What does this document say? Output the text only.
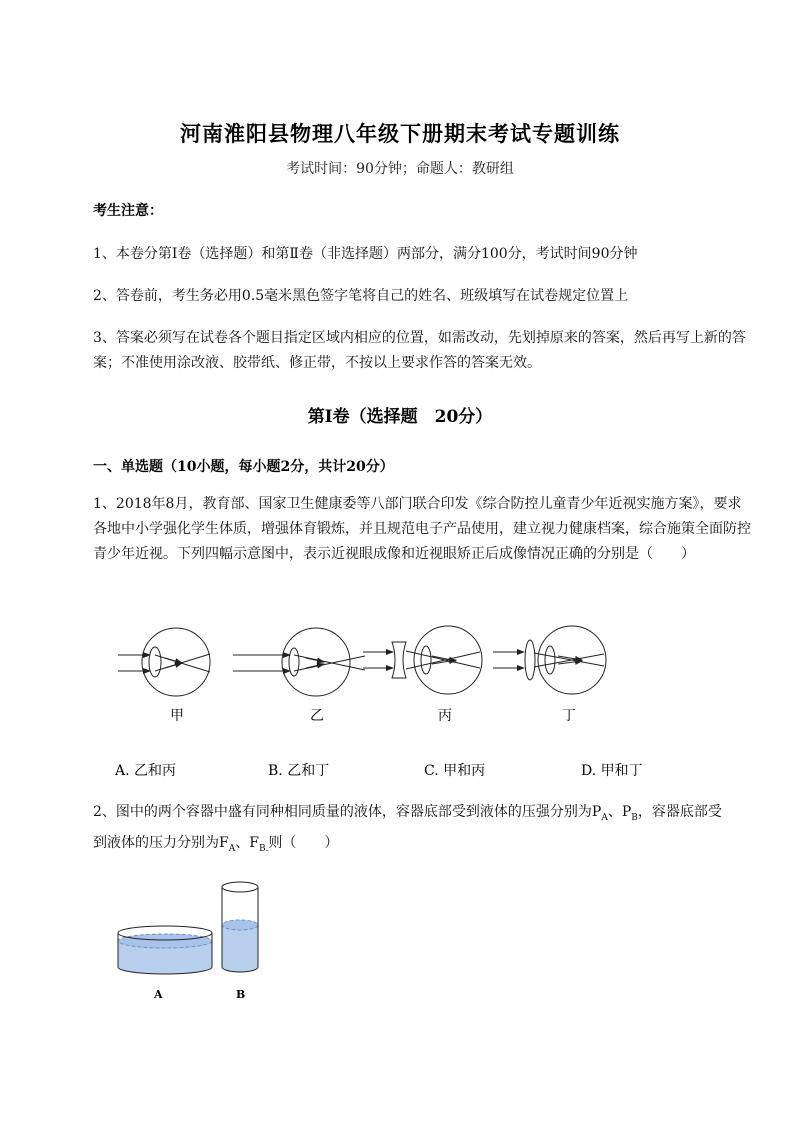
河南淮阳县物理八年级下册期末考试专题训练
考试时间：90分钟；命题人：教研组
考生注意：
1、本卷分第I卷（选择题）和第Ⅱ卷（非选择题）两部分，满分100分，考试时间90分钟
2、答卷前，考生务必用0.5毫米黑色签字笔将自己的姓名、班级填写在试卷规定位置上
3、答案必须写在试卷各个题目指定区域内相应的位置，如需改动，先划掉原来的答案，然后再写上新的答案；不准使用涂改液、胶带纸、修正带，不按以上要求作答的答案无效。
第I卷（选择题　20分）
一、单选题（10小题，每小题2分，共计20分）
1、2018年8月，教育部、国家卫生健康委等八部门联合印发《综合防控儿童青少年近视实施方案》，要求各地中小学强化学生体质，增强体育锻炼，并且规范电子产品使用，建立视力健康档案，综合施策全面防控青少年近视。下列四幅示意图中，表示近视眼成像和近视眼矫正后成像情况正确的分别是（　　）
甲	乙	丙	丁
A. 乙和丙	B. 乙和丁	C. 甲和丙	D. 甲和丁
2、图中的两个容器中盛有同种相同质量的液体，容器底部受到液体的压强分别为$P_A$、$P_B$，容器底部受
到液体的压力分别为$F_A$、$F_{B.}$则（　　）
A	B
